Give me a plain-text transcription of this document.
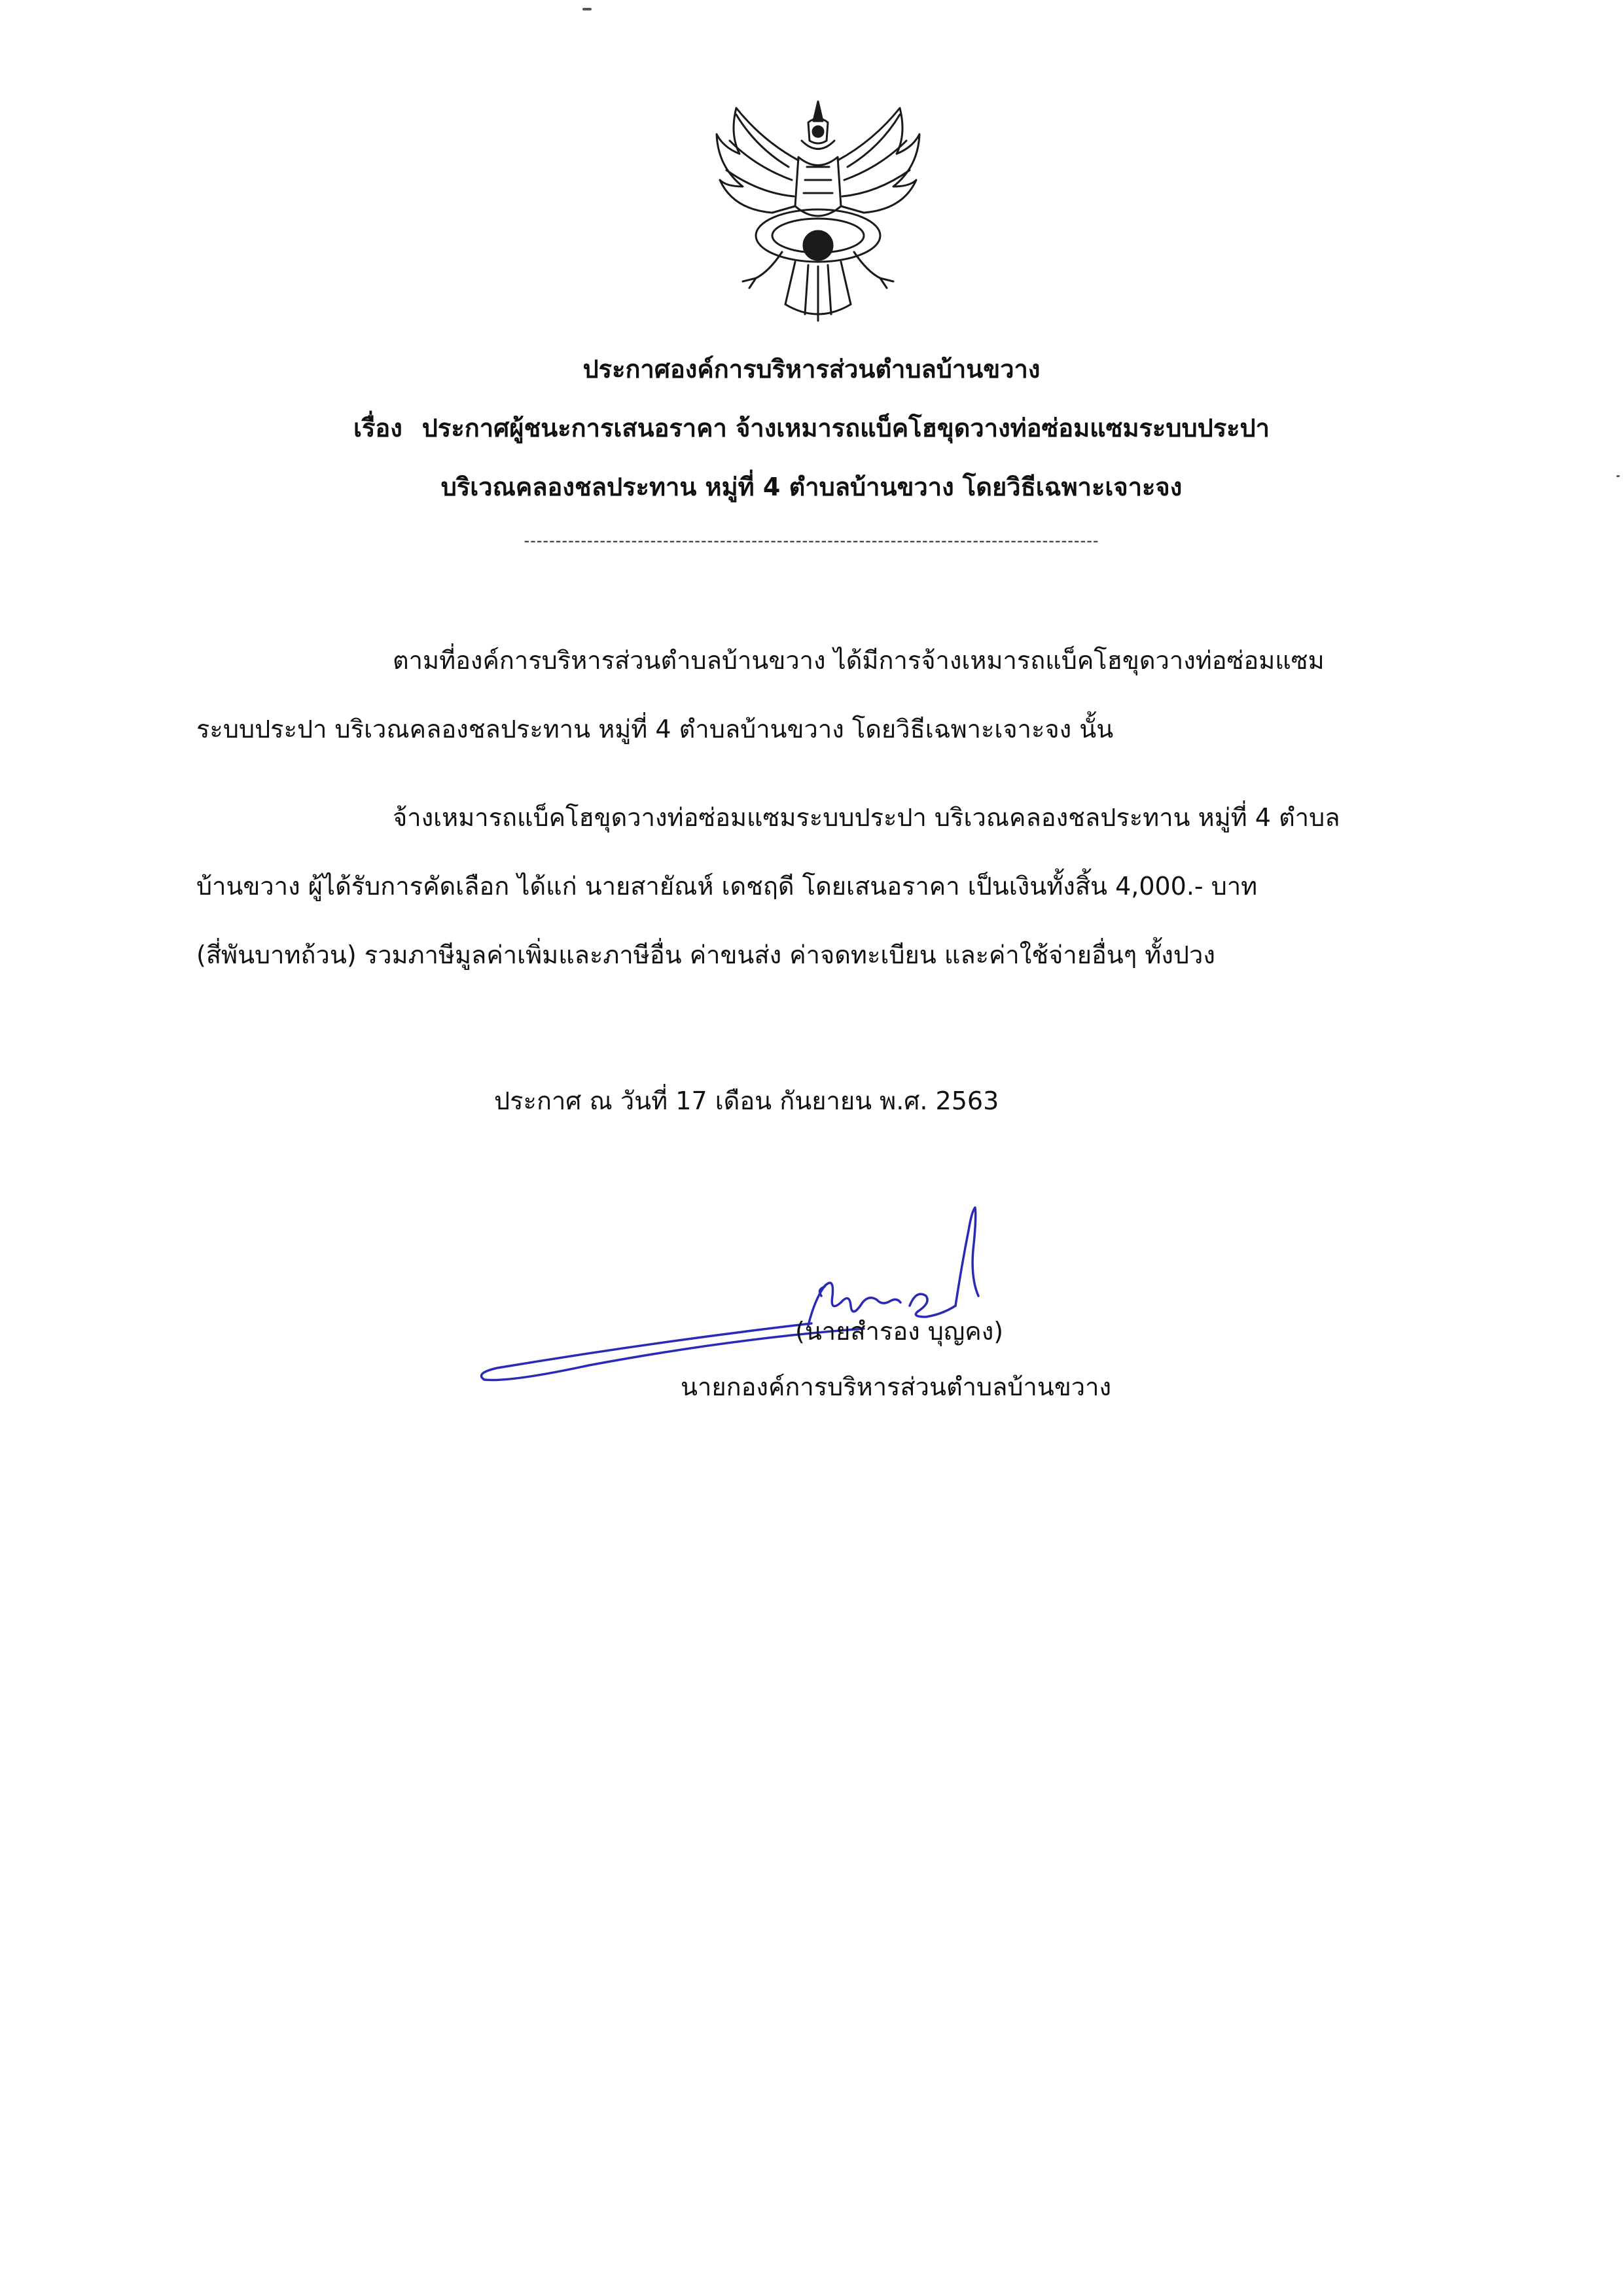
ประกาศองค์การบริหารส่วนตำบลบ้านขวาง
เรื่อง ประกาศผู้ชนะการเสนอราคา จ้างเหมารถแบ็คโฮขุดวางท่อซ่อมแซมระบบประปา
บริเวณคลองชลประทาน หมู่ที่ 4 ตำบลบ้านขวาง โดยวิธีเฉพาะเจาะจง
-------------------------------------------------------------------------------------------
ตามที่องค์การบริหารส่วนตำบลบ้านขวาง ได้มีการจ้างเหมารถแบ็คโฮขุดวางท่อซ่อมแซม
ระบบประปา บริเวณคลองชลประทาน หมู่ที่ 4 ตำบลบ้านขวาง โดยวิธีเฉพาะเจาะจง นั้น
จ้างเหมารถแบ็คโฮขุดวางท่อซ่อมแซมระบบประปา บริเวณคลองชลประทาน หมู่ที่ 4 ตำบล
บ้านขวาง ผู้ได้รับการคัดเลือก ได้แก่ นายสายัณห์ เดชฤดี โดยเสนอราคา เป็นเงินทั้งสิ้น 4,000.- บาท
(สี่พันบาทถ้วน) รวมภาษีมูลค่าเพิ่มและภาษีอื่น ค่าขนส่ง ค่าจดทะเบียน และค่าใช้จ่ายอื่นๆ ทั้งปวง
ประกาศ ณ วันที่ 17 เดือน กันยายน พ.ศ. 2563
(นายสำรอง บุญคง)
นายกองค์การบริหารส่วนตำบลบ้านขวาง
